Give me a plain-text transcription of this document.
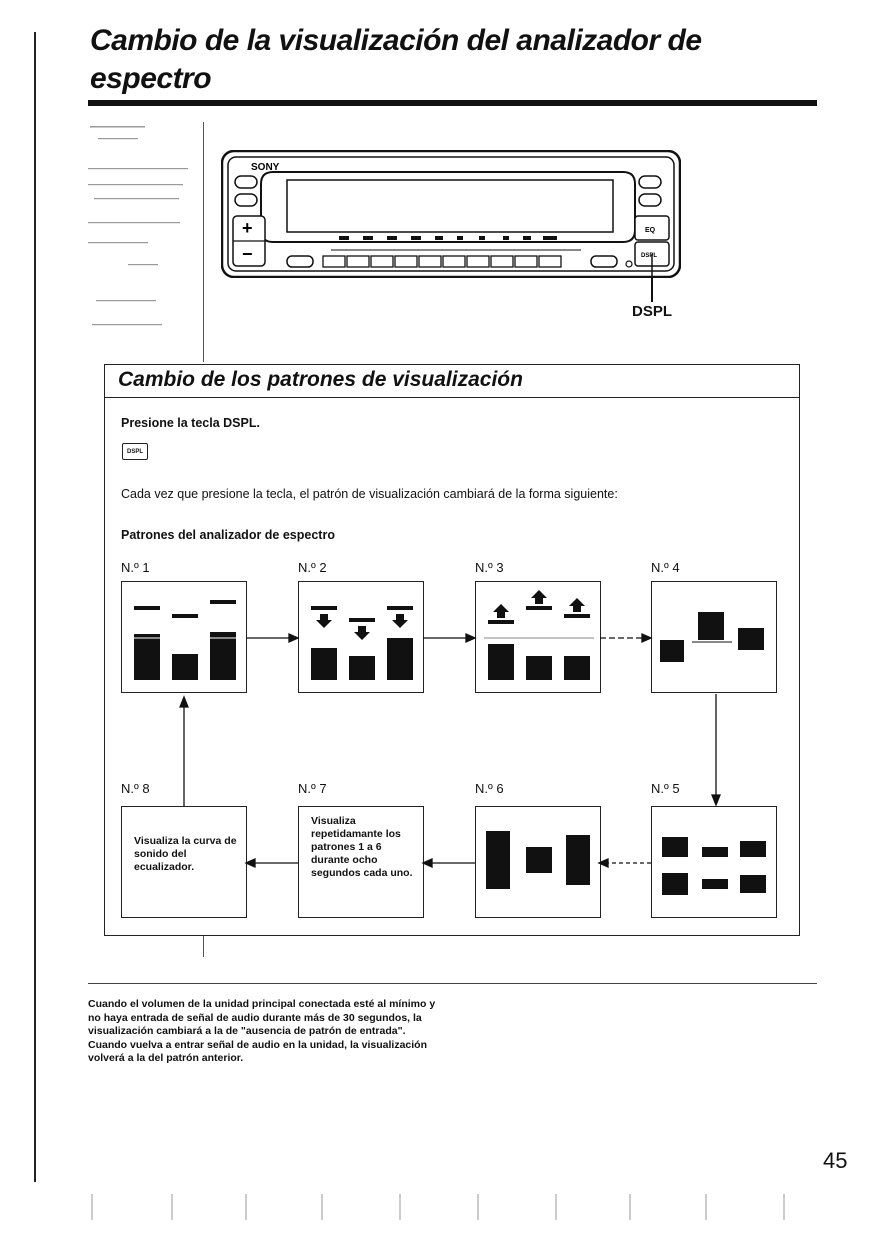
Cambio de la visualización del analizador de espectro
SONY
+
−
EQ
DSPL
DSPL
Cambio de los patrones de visualización
Presione la tecla DSPL.
DSPL
Cada vez que presione la tecla, el patrón de visualización cambiará de la forma siguiente:
Patrones del analizador de espectro
N.º 1	N.º 2	N.º 3	N.º 4
N.º 8	N.º 7	N.º 6	N.º 5
Visualiza la curva de sonido del ecualizador.
Visualiza repetidamante los patrones 1 a 6 durante ocho segundos cada uno.
Cuando el volumen de la unidad principal conectada esté al mínimo y no haya entrada de señal de audio durante más de 30 segundos, la visualización cambiará a la de "ausencia de patrón de entrada". Cuando vuelva a entrar señal de audio en la unidad, la visualización volverá a la del patrón anterior.
45
